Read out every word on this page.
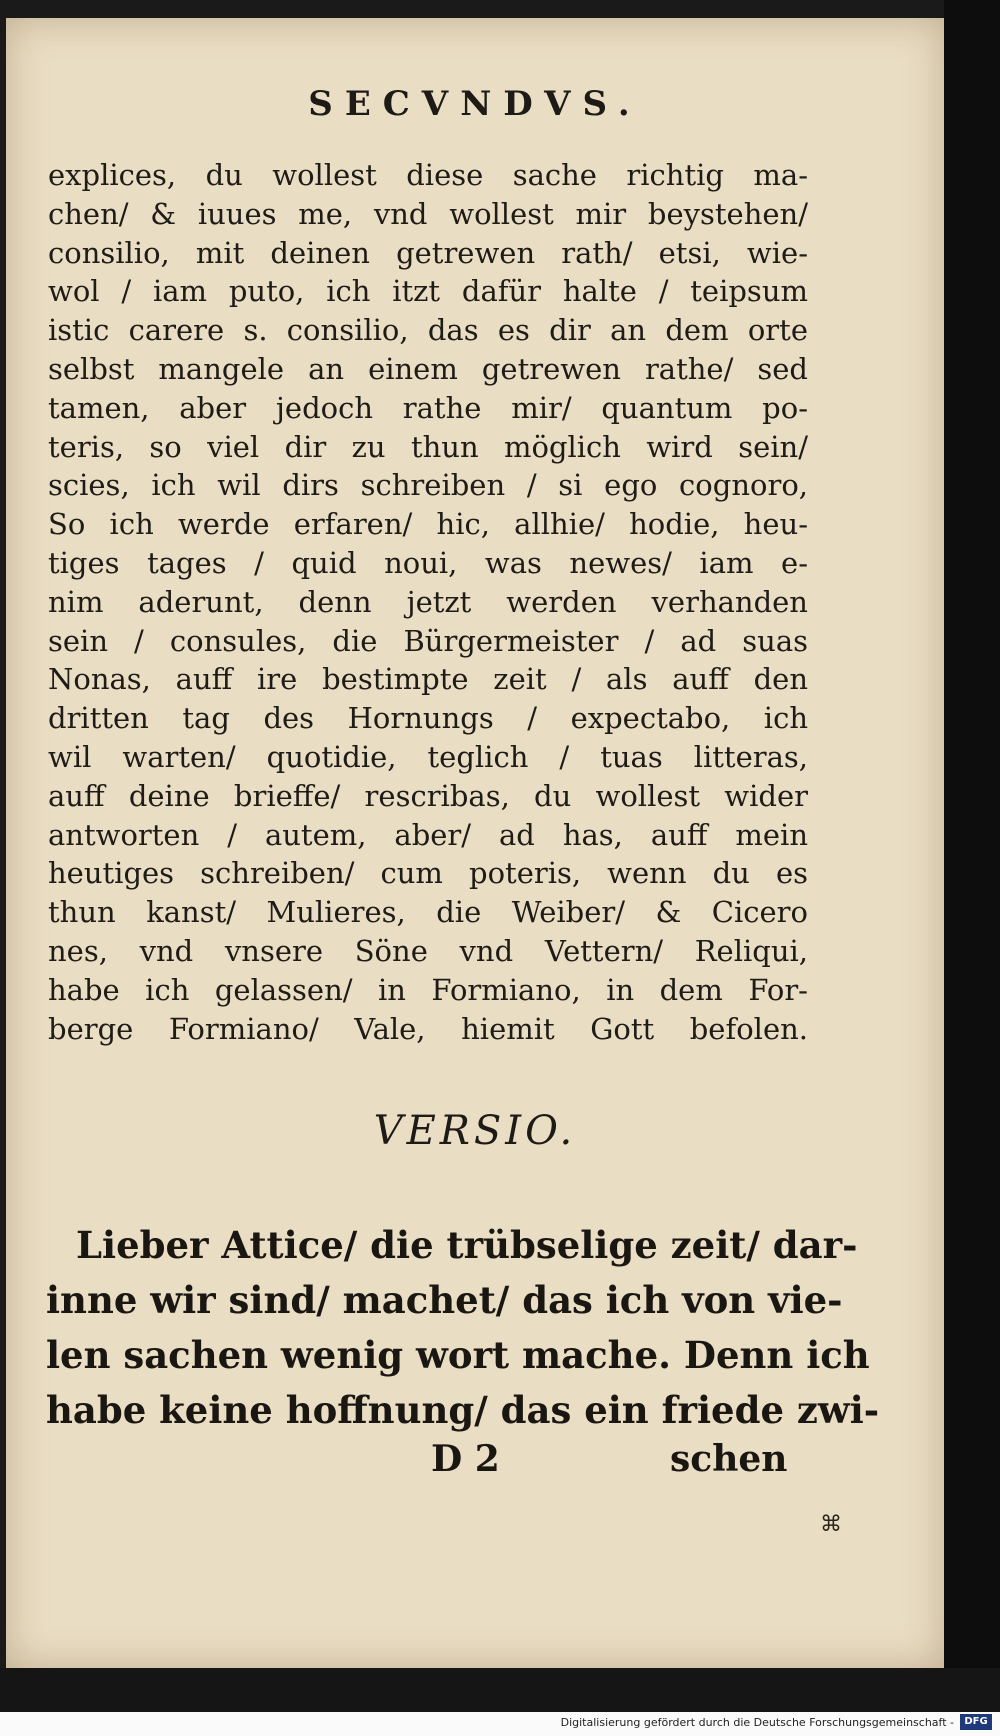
SECVNDVS.
explices, du wollest diese sache richtig ma-
chen/ & iuues me, vnd wollest mir beystehen/
consilio, mit deinen getrewen rath/ etsi, wie-
wol / iam puto, ich itzt dafür halte / teipsum
istic carere s. consilio, das es dir an dem orte
selbst mangele an einem getrewen rathe/ sed
tamen, aber jedoch rathe mir/ quantum po-
teris, so viel dir zu thun möglich wird sein/
scies, ich wil dirs schreiben / si ego cognoro,
So ich werde erfaren/ hic, allhie/ hodie, heu-
tiges tages / quid noui, was newes/ iam e-
nim aderunt, denn jetzt werden verhanden
sein / consules, die Bürgermeister / ad suas
Nonas, auff ire bestimpte zeit / als auff den
dritten tag des Hornungs / expectabo, ich
wil warten/ quotidie, teglich / tuas litteras,
auff deine brieffe/ rescribas, du wollest wider
antworten / autem, aber/ ad has, auff mein
heutiges schreiben/ cum poteris, wenn du es
thun kanst/ Mulieres, die Weiber/ & Cicero
nes, vnd vnsere Söne vnd Vettern/ Reliqui,
habe ich gelassen/ in Formiano, in dem For-
berge Formiano/ Vale, hiemit Gott befolen.
VERSIO.
Lieber Attice/ die trübselige zeit/ dar-
inne wir sind/ machet/ das ich von vie-
len sachen wenig wort mache. Denn ich
habe keine hoffnung/ das ein friede zwi-
D 2	schen
⌘
Digitalisierung gefördert durch die Deutsche Forschungsgemeinschaft -	DFG
